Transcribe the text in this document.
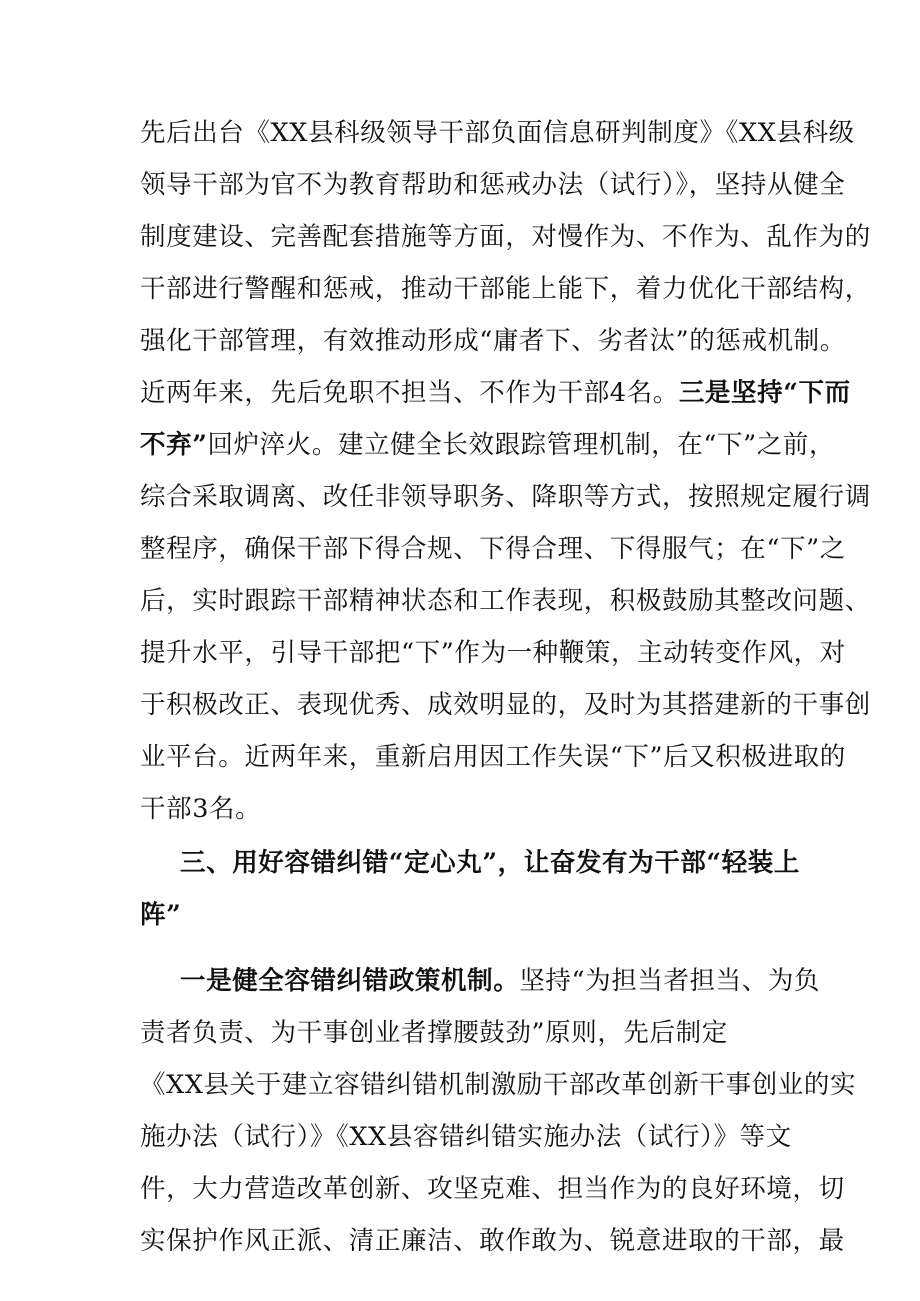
先后出台《XX县科级领导干部负面信息研判制度》《XX县科级
领导干部为官不为教育帮助和惩戒办法（试行）》，坚持从健全
制度建设、完善配套措施等方面，对慢作为、不作为、乱作为的
干部进行警醒和惩戒，推动干部能上能下，着力优化干部结构，
强化干部管理，有效推动形成“庸者下、劣者汰”的惩戒机制。
近两年来，先后免职不担当、不作为干部4名。三是坚持“下而
不弃”回炉淬火。建立健全长效跟踪管理机制，在“下”之前，
综合采取调离、改任非领导职务、降职等方式，按照规定履行调
整程序，确保干部下得合规、下得合理、下得服气；在“下”之
后，实时跟踪干部精神状态和工作表现，积极鼓励其整改问题、
提升水平，引导干部把“下”作为一种鞭策，主动转变作风，对
于积极改正、表现优秀、成效明显的，及时为其搭建新的干事创
业平台。近两年来，重新启用因工作失误“下”后又积极进取的
干部3名。
三、用好容错纠错“定心丸”，让奋发有为干部“轻装上
阵”
一是健全容错纠错政策机制。坚持“为担当者担当、为负
责者负责、为干事创业者撑腰鼓劲”原则，先后制定
《XX县关于建立容错纠错机制激励干部改革创新干事创业的实
施办法（试行）》《XX县容错纠错实施办法（试行）》等文
件，大力营造改革创新、攻坚克难、担当作为的良好环境，切
实保护作风正派、清正廉洁、敢作敢为、锐意进取的干部，最
